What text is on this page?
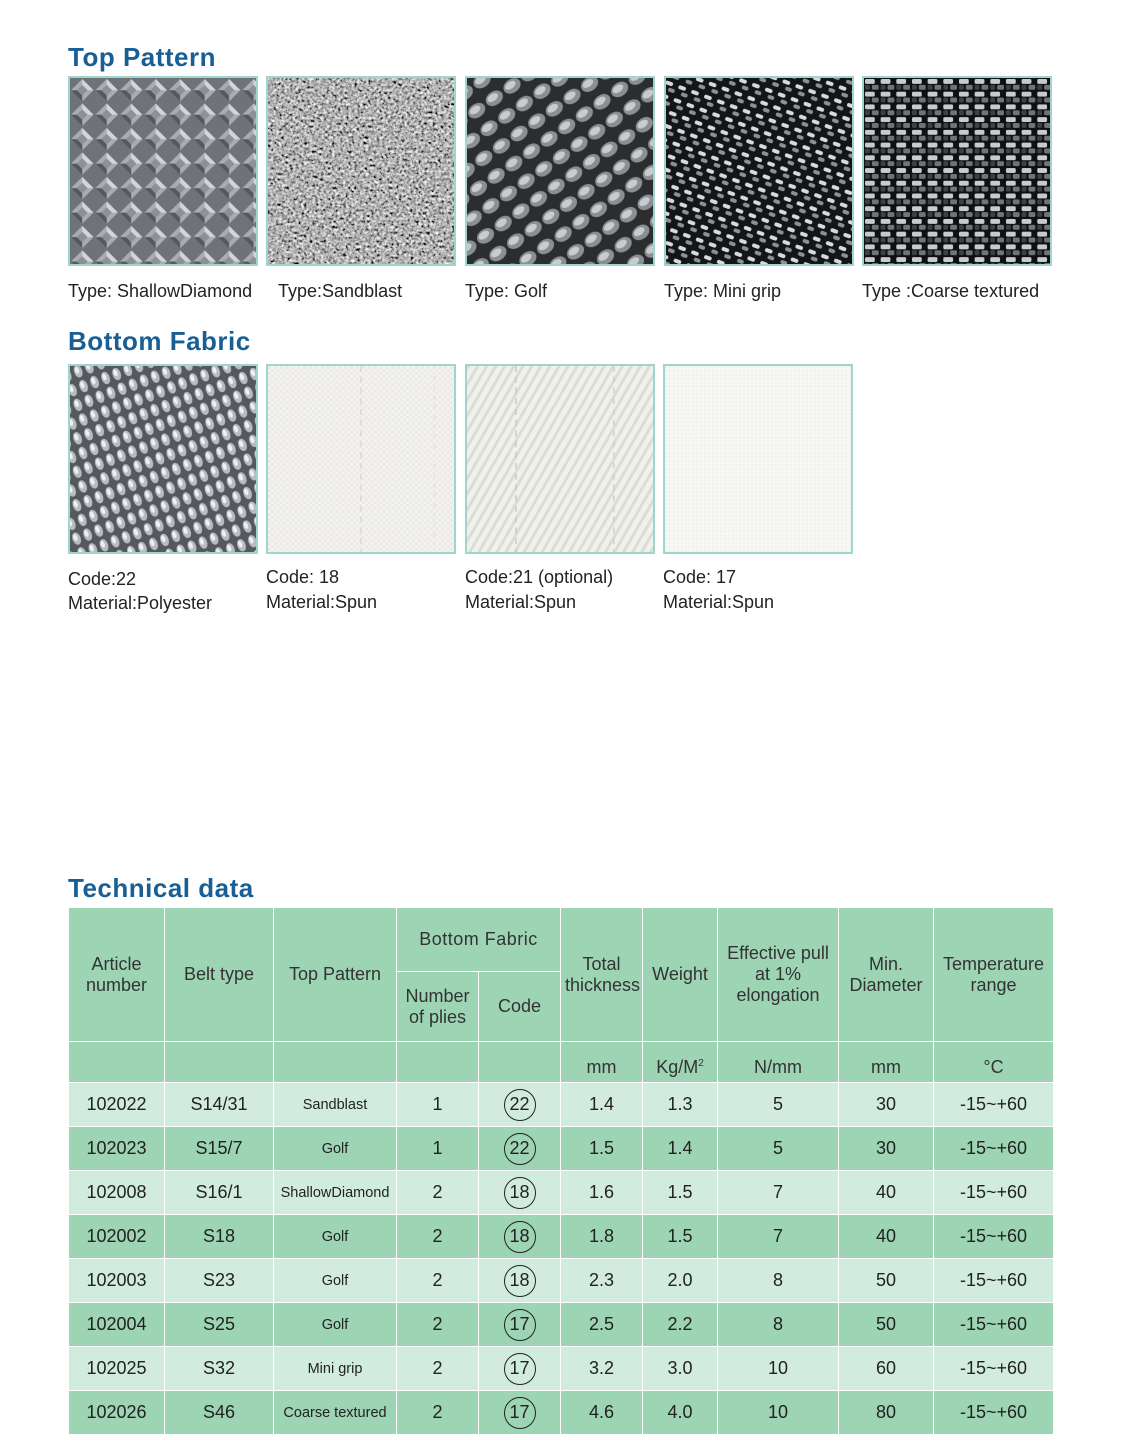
Top Pattern
Type: ShallowDiamond Type:Sandblast	Type: Golf	Type: Mini grip	Type :Coarse textured
Bottom Fabric
Code:22
Material:Polyester
Code: 18
Material:Spun
Code:21 (optional)
Material:Spun
Code: 17
Material:Spun
Technical data
Article number	Belt type	Top Pattern	Bottom Fabric		Total thickness	Weight	Effective pull at 1% elongation	Min. Diameter	Temperature range
			Number of plies	Code					
					mm	$Kg/M^2$	N/mm	mm	°C
102022	S14/31	Sandblast	1	22	1.4	1.3	5	30	-15~+60
102023	S15/7	Golf	1	22	1.5	1.4	5	30	-15~+60
102008	S16/1	ShallowDiamond	2	18	1.6	1.5	7	40	-15~+60
102002	S18	Golf	2	18	1.8	1.5	7	40	-15~+60
102003	S23	Golf	2	18	2.3	2.0	8	50	-15~+60
102004	S25	Golf	2	17	2.5	2.2	8	50	-15~+60
102025	S32	Mini grip	2	17	3.2	3.0	10	60	-15~+60
102026	S46	Coarse textured	2	17	4.6	4.0	10	80	-15~+60
